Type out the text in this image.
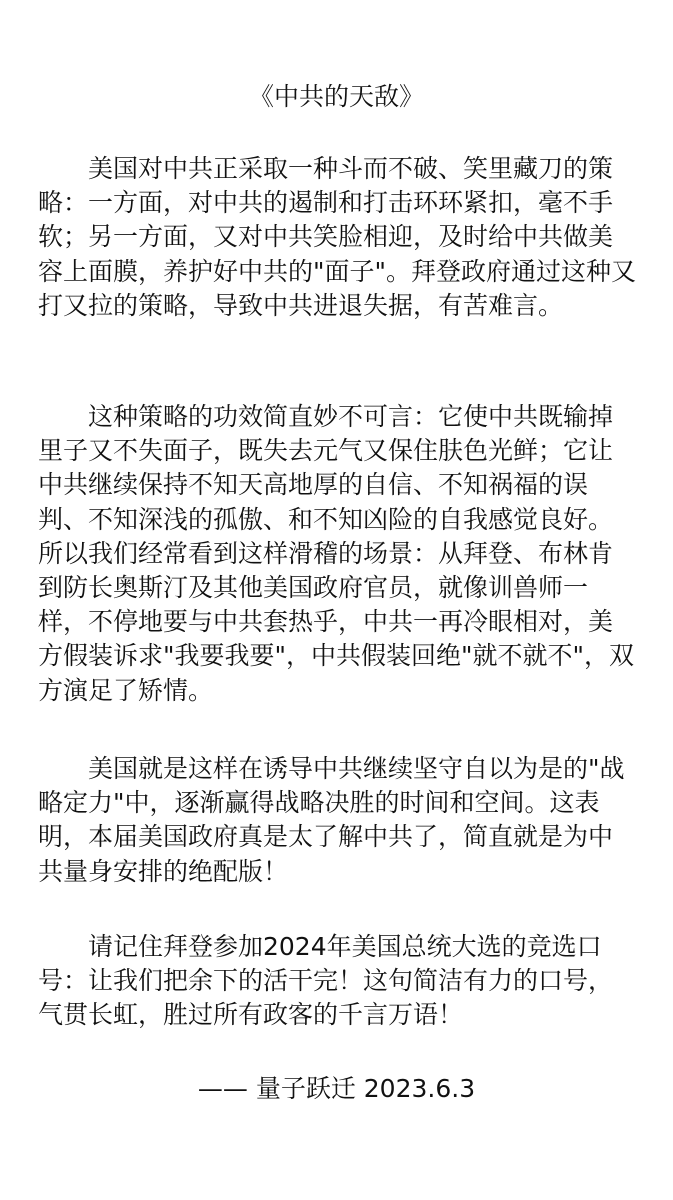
《中共的天敌》

美国对中共正采取一种斗而不破、笑里藏刀的策略：一方面，对中共的遏制和打击环环紧扣，毫不手软；另一方面，又对中共笑脸相迎，及时给中共做美容上面膜，养护好中共的"面子"。拜登政府通过这种又打又拉的策略，导致中共进退失据，有苦难言。

这种策略的功效简直妙不可言：它使中共既输掉里子又不失面子，既失去元气又保住肤色光鲜；它让中共继续保持不知天高地厚的自信、不知祸福的误判、不知深浅的孤傲、和不知凶险的自我感觉良好。所以我们经常看到这样滑稽的场景：从拜登、布林肯到防长奥斯汀及其他美国政府官员，就像训兽师一样，不停地要与中共套热乎，中共一再冷眼相对，美方假装诉求"我要我要"，中共假装回绝"就不就不"，双方演足了矫情。

美国就是这样在诱导中共继续坚守自以为是的"战略定力"中，逐渐赢得战略决胜的时间和空间。这表明，本届美国政府真是太了解中共了，简直就是为中共量身安排的绝配版！

请记住拜登参加2024年美国总统大选的竞选口号：让我们把余下的活干完！这句简洁有力的口号，气贯长虹，胜过所有政客的千言万语！

—— 量子跃迁 2023.6.3
